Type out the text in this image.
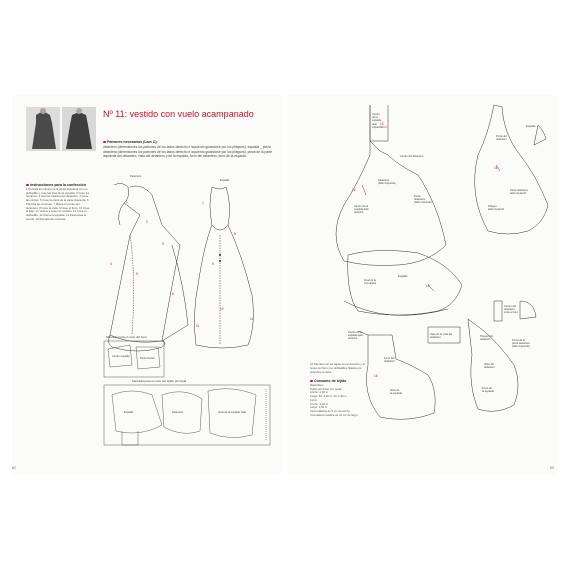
1
2
3
4
5
6
7
8
9
10
11
12
Nº 11: vestido con vuelo acampanado
Patrones necesarios (Lam C):
delantero (dimensiones los patrones de los lados derecho e izquierdo guiándose por los pliegues), espalda _ pieza delantera (dimensiones los patrones de los lados derecho e izquierdo guiándose por los pliegues), pieza de la parte izquierda del delantero, vista del delantero y de la espalda, forro del delantero, forro de la espalda.
Instrucciones para la confección
1 Remata los cantos de la pieza delantera con un dobladillo y cose las tiras de la espalda. 2 Cose los hombros. 3 Une las mitades del delantero. 4 Cose las pinzas. 5 Cose la pieza de la parte izquierda. 6 Plancha las costuras. 7 Marca el centro del delantero. 8 Cose la vista. 9 Cose el forro. 10 Cose el bajo. 11 Vuelve a coser el costado. 12 Cose el dobladillo. 13 Cierra la espalda. 14 Pespuntea el escote. 15 Remata las costuras.
Delantero
Espalda
Marcada para el corte del forro
Centro espalda
Pieza frontal
Marcada para el corte del tejido principal
Espalda	Delantero	Vista de la espalda, lado
62
13
14
15
16
16
Centro
de la
espalda
lado
izquierdo
Delantero
(lado izquierdo)
Centro del delantero
Pieza
delantera
(lado izquierdo)
Centro de la
espalda lado
derecho
Pinza del
delantero
Pieza delantero
lado izquierdo
Pliegue
lado izquierdo
Espalda
Espalda
Final de la
cremallera
Centro del
delantero
corte a forro
Pinza de la
pieza delantera
(lado izquierdo)
Pliegue del
delantero
Tapa de la vista del
delantero
Centro de la
espalda lado
derecho
Forro del
delantero
Vista de
la espalda
Vista del
delantero
Forro de
la espalda
16 Remata con las tapas por el derecho y al revés del forro con dobladillos hilados por pespunte a cante.
Consumo de tejido
Materiales:
Tejido principal, por poder
Ancho: 1,40 m
Largo: 40: 2,20 m; 44: 2,30 m
Forro:
Ancho: 1,40 m
Largo: 1,50 m
Cinta elástica de 5 cm de ancho
Cremallera invisible de 16 cm de largo
63
